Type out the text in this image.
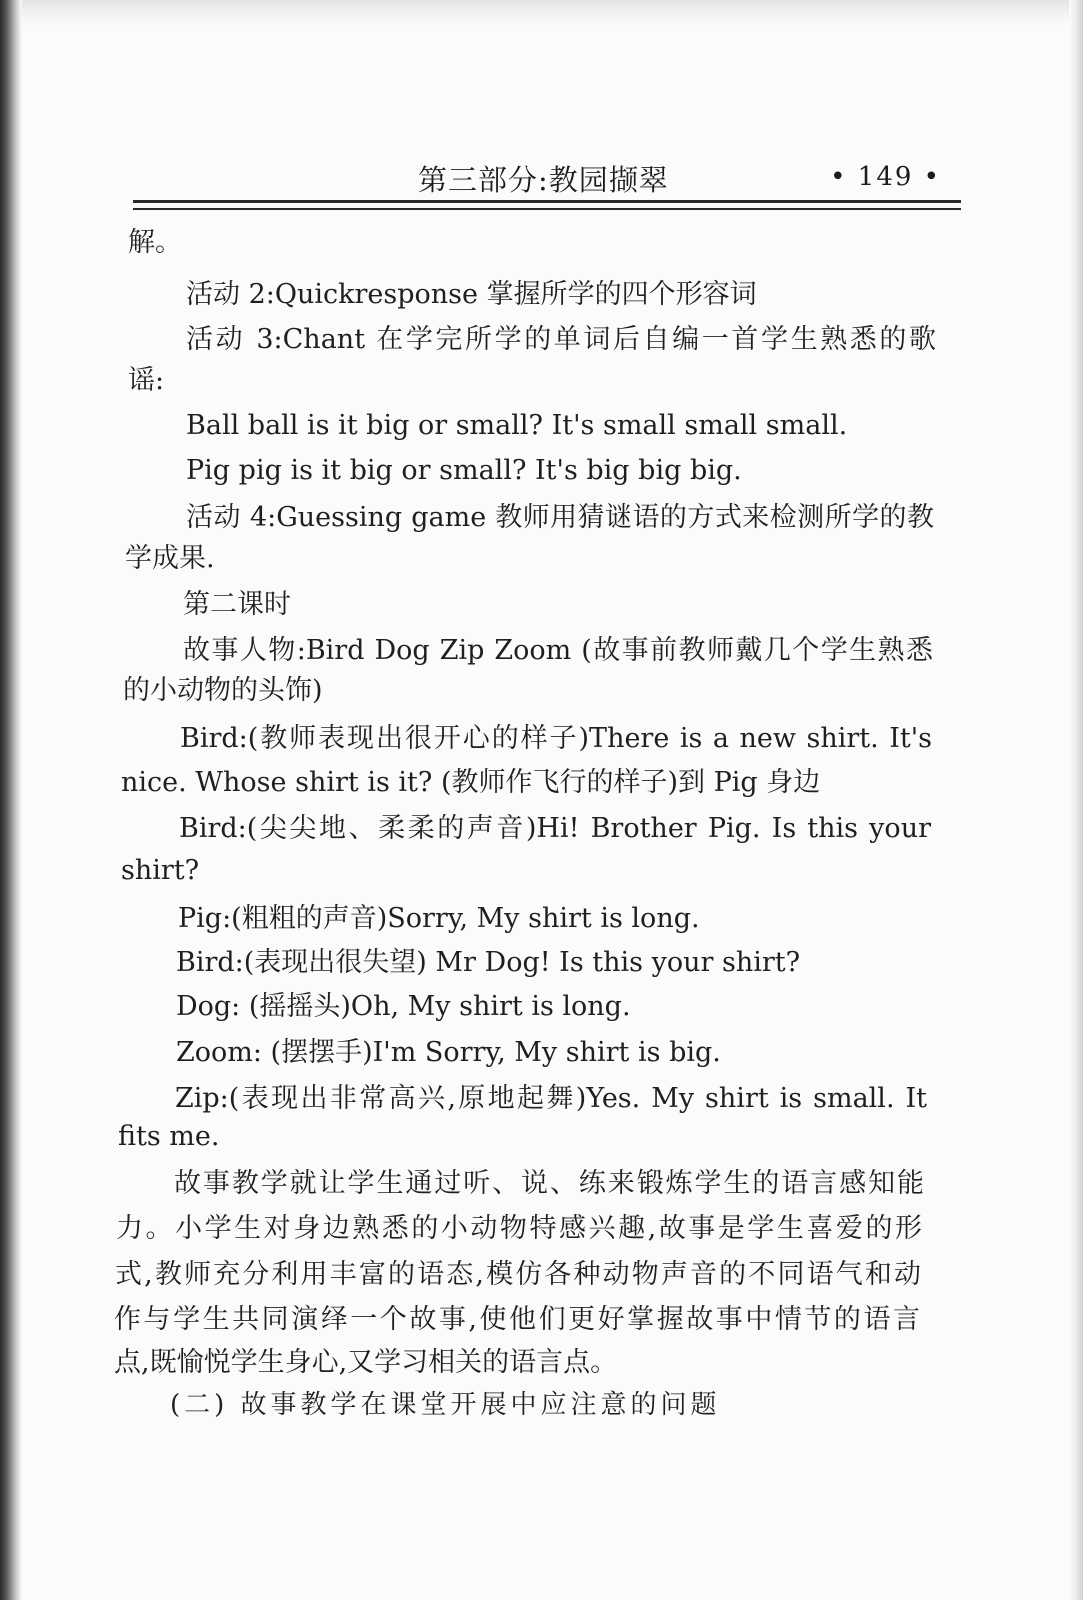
第三部分:教园撷翠	• 149 •
解。
活动 2:Quickresponse 掌握所学的四个形容词
活动 3:Chant 在学完所学的单词后自编一首学生熟悉的歌
谣:
Ball ball is it big or small? It's small small small.
Pig pig is it big or small? It's big big big.
活动 4:Guessing game 教师用猜谜语的方式来检测所学的教
学成果.
第二课时
故事人物:Bird Dog Zip Zoom (故事前教师戴几个学生熟悉
的小动物的头饰)
Bird:(教师表现出很开心的样子)There is a new shirt. It's
nice. Whose shirt is it? (教师作飞行的样子)到 Pig 身边
Bird:(尖尖地、柔柔的声音)Hi! Brother Pig. Is this your
shirt?
Pig:(粗粗的声音)Sorry, My shirt is long.
Bird:(表现出很失望) Mr Dog! Is this your shirt?
Dog: (摇摇头)Oh, My shirt is long.
Zoom: (摆摆手)I'm Sorry, My shirt is big.
Zip:(表现出非常高兴,原地起舞)Yes. My shirt is small. It
fits me.
故事教学就让学生通过听、说、练来锻炼学生的语言感知能
力。小学生对身边熟悉的小动物特感兴趣,故事是学生喜爱的形
式,教师充分利用丰富的语态,模仿各种动物声音的不同语气和动
作与学生共同演绎一个故事,使他们更好掌握故事中情节的语言
点,既愉悦学生身心,又学习相关的语言点。
(二) 故事教学在课堂开展中应注意的问题
